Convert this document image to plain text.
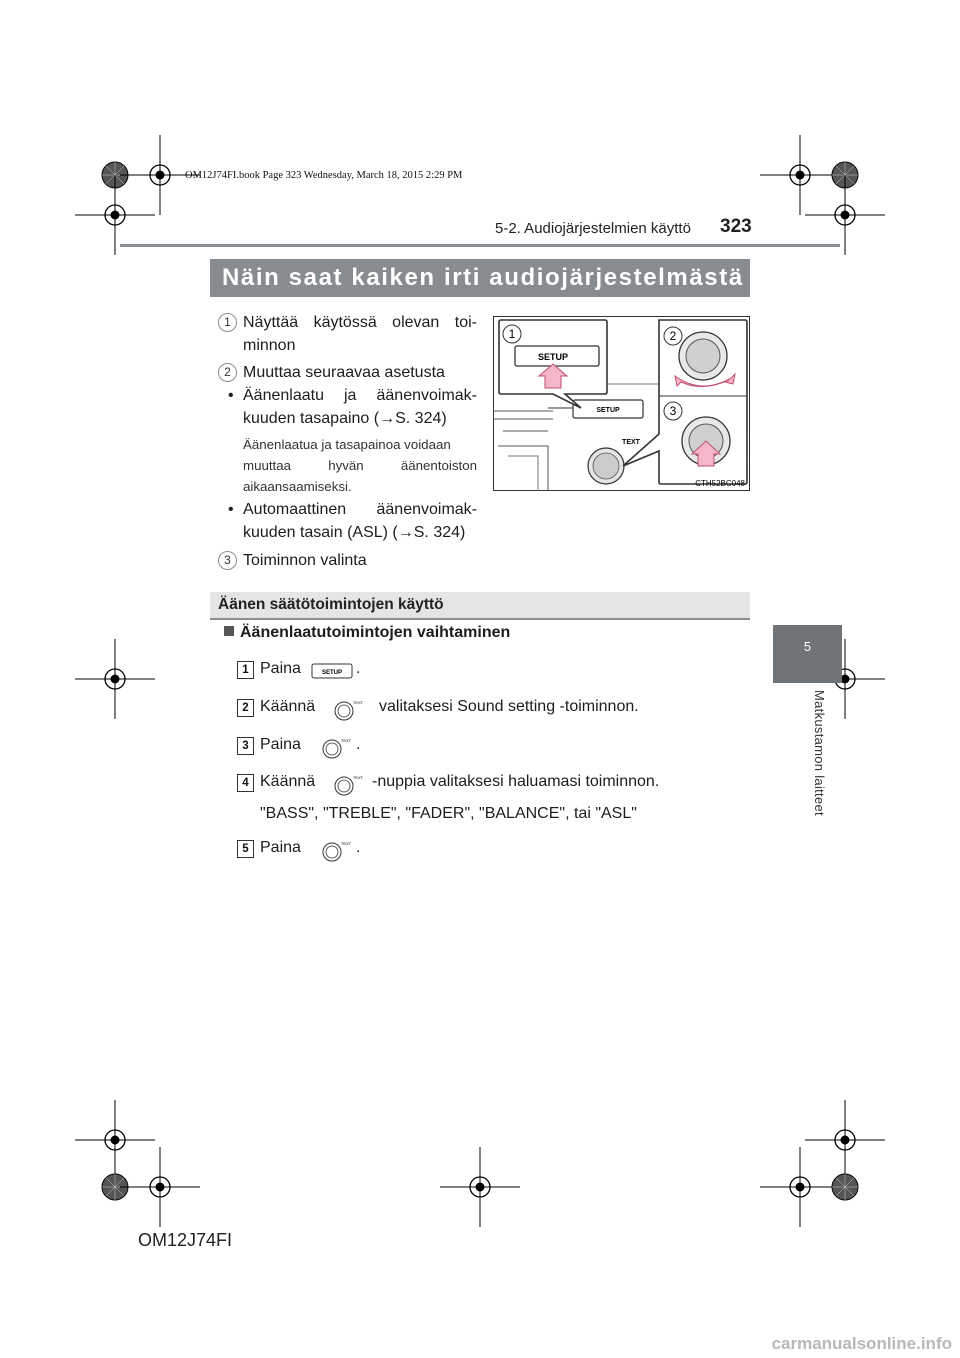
OM12J74FI.book Page 323 Wednesday, March 18, 2015 2:29 PM
5-2. Audiojärjestelmien käyttö 323
Näin saat kaiken irti audiojärjestelmästä
5
Matkustamon laitteet
1 Näyttää käytössä olevan toi-
minnon
2 Muuttaa seuraavaa asetusta
• Äänenlaatu ja äänenvoimak-
kuuden tasapaino (→S. 324)
Äänenlaatua ja tasapainoa voidaan
muuttaa hyvän äänentoiston
aikaansaamiseksi.
• Automaattinen äänenvoimak-
kuuden tasain (ASL) (→S. 324)
3 Toiminnon valinta
SETUP
TEXT
SETUP
1	2
3
CTH52BC048
Äänen säätötoimintojen käyttö
Äänenlaatutoimintojen vaihtaminen
1 Paina	SETUP .
2 Käännä	TEXT valitaksesi Sound setting -toiminnon.
3 Paina	TEXT .
4 Käännä	TEXT -nuppia valitaksesi haluamasi toiminnon.
"BASS", "TREBLE", "FADER", "BALANCE", tai "ASL"
5 Paina	TEXT .
OM12J74FI
carmanualsonline.info
